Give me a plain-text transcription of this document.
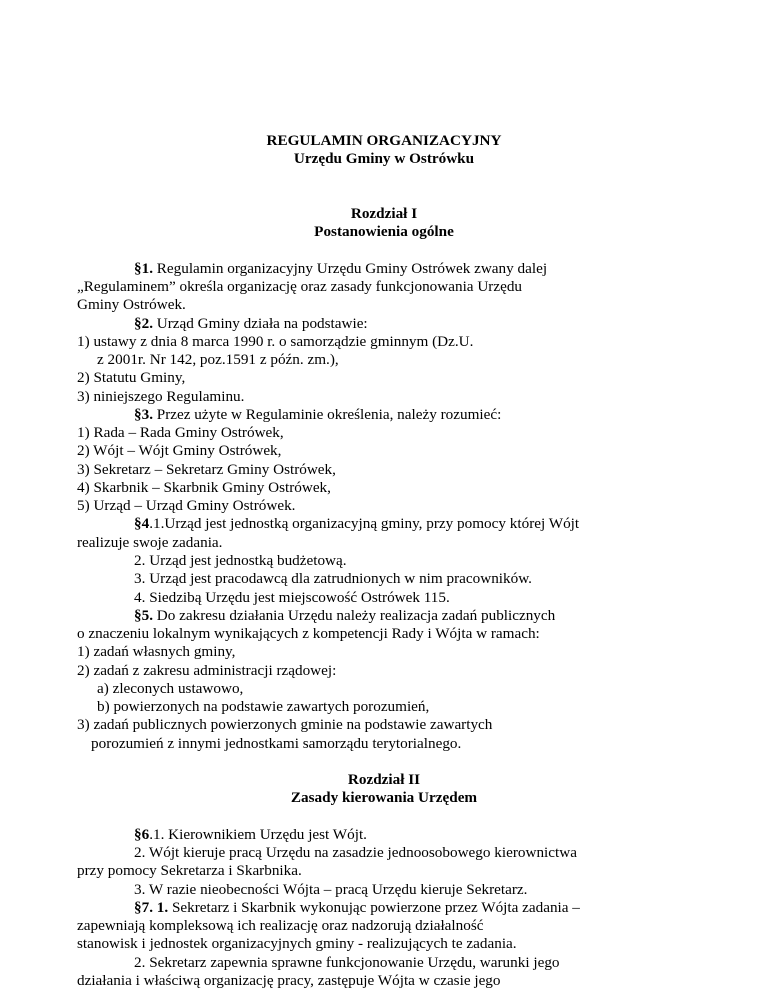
REGULAMIN ORGANIZACYJNY
Urzędu Gminy w Ostrówku
Rozdział I
Postanowienia ogólne
§1. Regulamin organizacyjny Urzędu Gminy Ostrówek zwany dalej
„Regulaminem” określa organizację oraz zasady funkcjonowania Urzędu
Gminy Ostrówek.
§2. Urząd Gminy działa na podstawie:
1) ustawy z dnia 8 marca 1990 r. o samorządzie gminnym (Dz.U.
z 2001r. Nr 142, poz.1591 z późn. zm.),
2) Statutu Gminy,
3) niniejszego Regulaminu.
§3. Przez użyte w Regulaminie określenia, należy rozumieć:
1) Rada – Rada Gminy Ostrówek,
2) Wójt – Wójt Gminy Ostrówek,
3) Sekretarz – Sekretarz Gminy Ostrówek,
4) Skarbnik – Skarbnik Gminy Ostrówek,
5) Urząd – Urząd Gminy Ostrówek.
§4.1.Urząd jest jednostką organizacyjną gminy, przy pomocy której Wójt
realizuje swoje zadania.
2. Urząd jest jednostką budżetową.
3. Urząd jest pracodawcą dla zatrudnionych w nim pracowników.
4. Siedzibą Urzędu jest miejscowość Ostrówek 115.
§5. Do zakresu działania Urzędu należy realizacja zadań publicznych
o znaczeniu lokalnym wynikających z kompetencji Rady i Wójta w ramach:
1) zadań własnych gminy,
2) zadań z zakresu administracji rządowej:
a) zleconych ustawowo,
b) powierzonych na podstawie zawartych porozumień,
3) zadań publicznych powierzonych gminie na podstawie zawartych
porozumień z innymi jednostkami samorządu terytorialnego.
Rozdział II
Zasady kierowania Urzędem
§6.1. Kierownikiem Urzędu jest Wójt.
2. Wójt kieruje pracą Urzędu na zasadzie jednoosobowego kierownictwa
przy pomocy Sekretarza i Skarbnika.
3. W razie nieobecności Wójta – pracą Urzędu kieruje Sekretarz.
§7. 1. Sekretarz i Skarbnik wykonując powierzone przez Wójta zadania –
zapewniają kompleksową ich realizację oraz nadzorują działalność
stanowisk i jednostek organizacyjnych gminy - realizujących te zadania.
2. Sekretarz zapewnia sprawne funkcjonowanie Urzędu, warunki jego
działania i właściwą organizację pracy, zastępuje Wójta w czasie jego
